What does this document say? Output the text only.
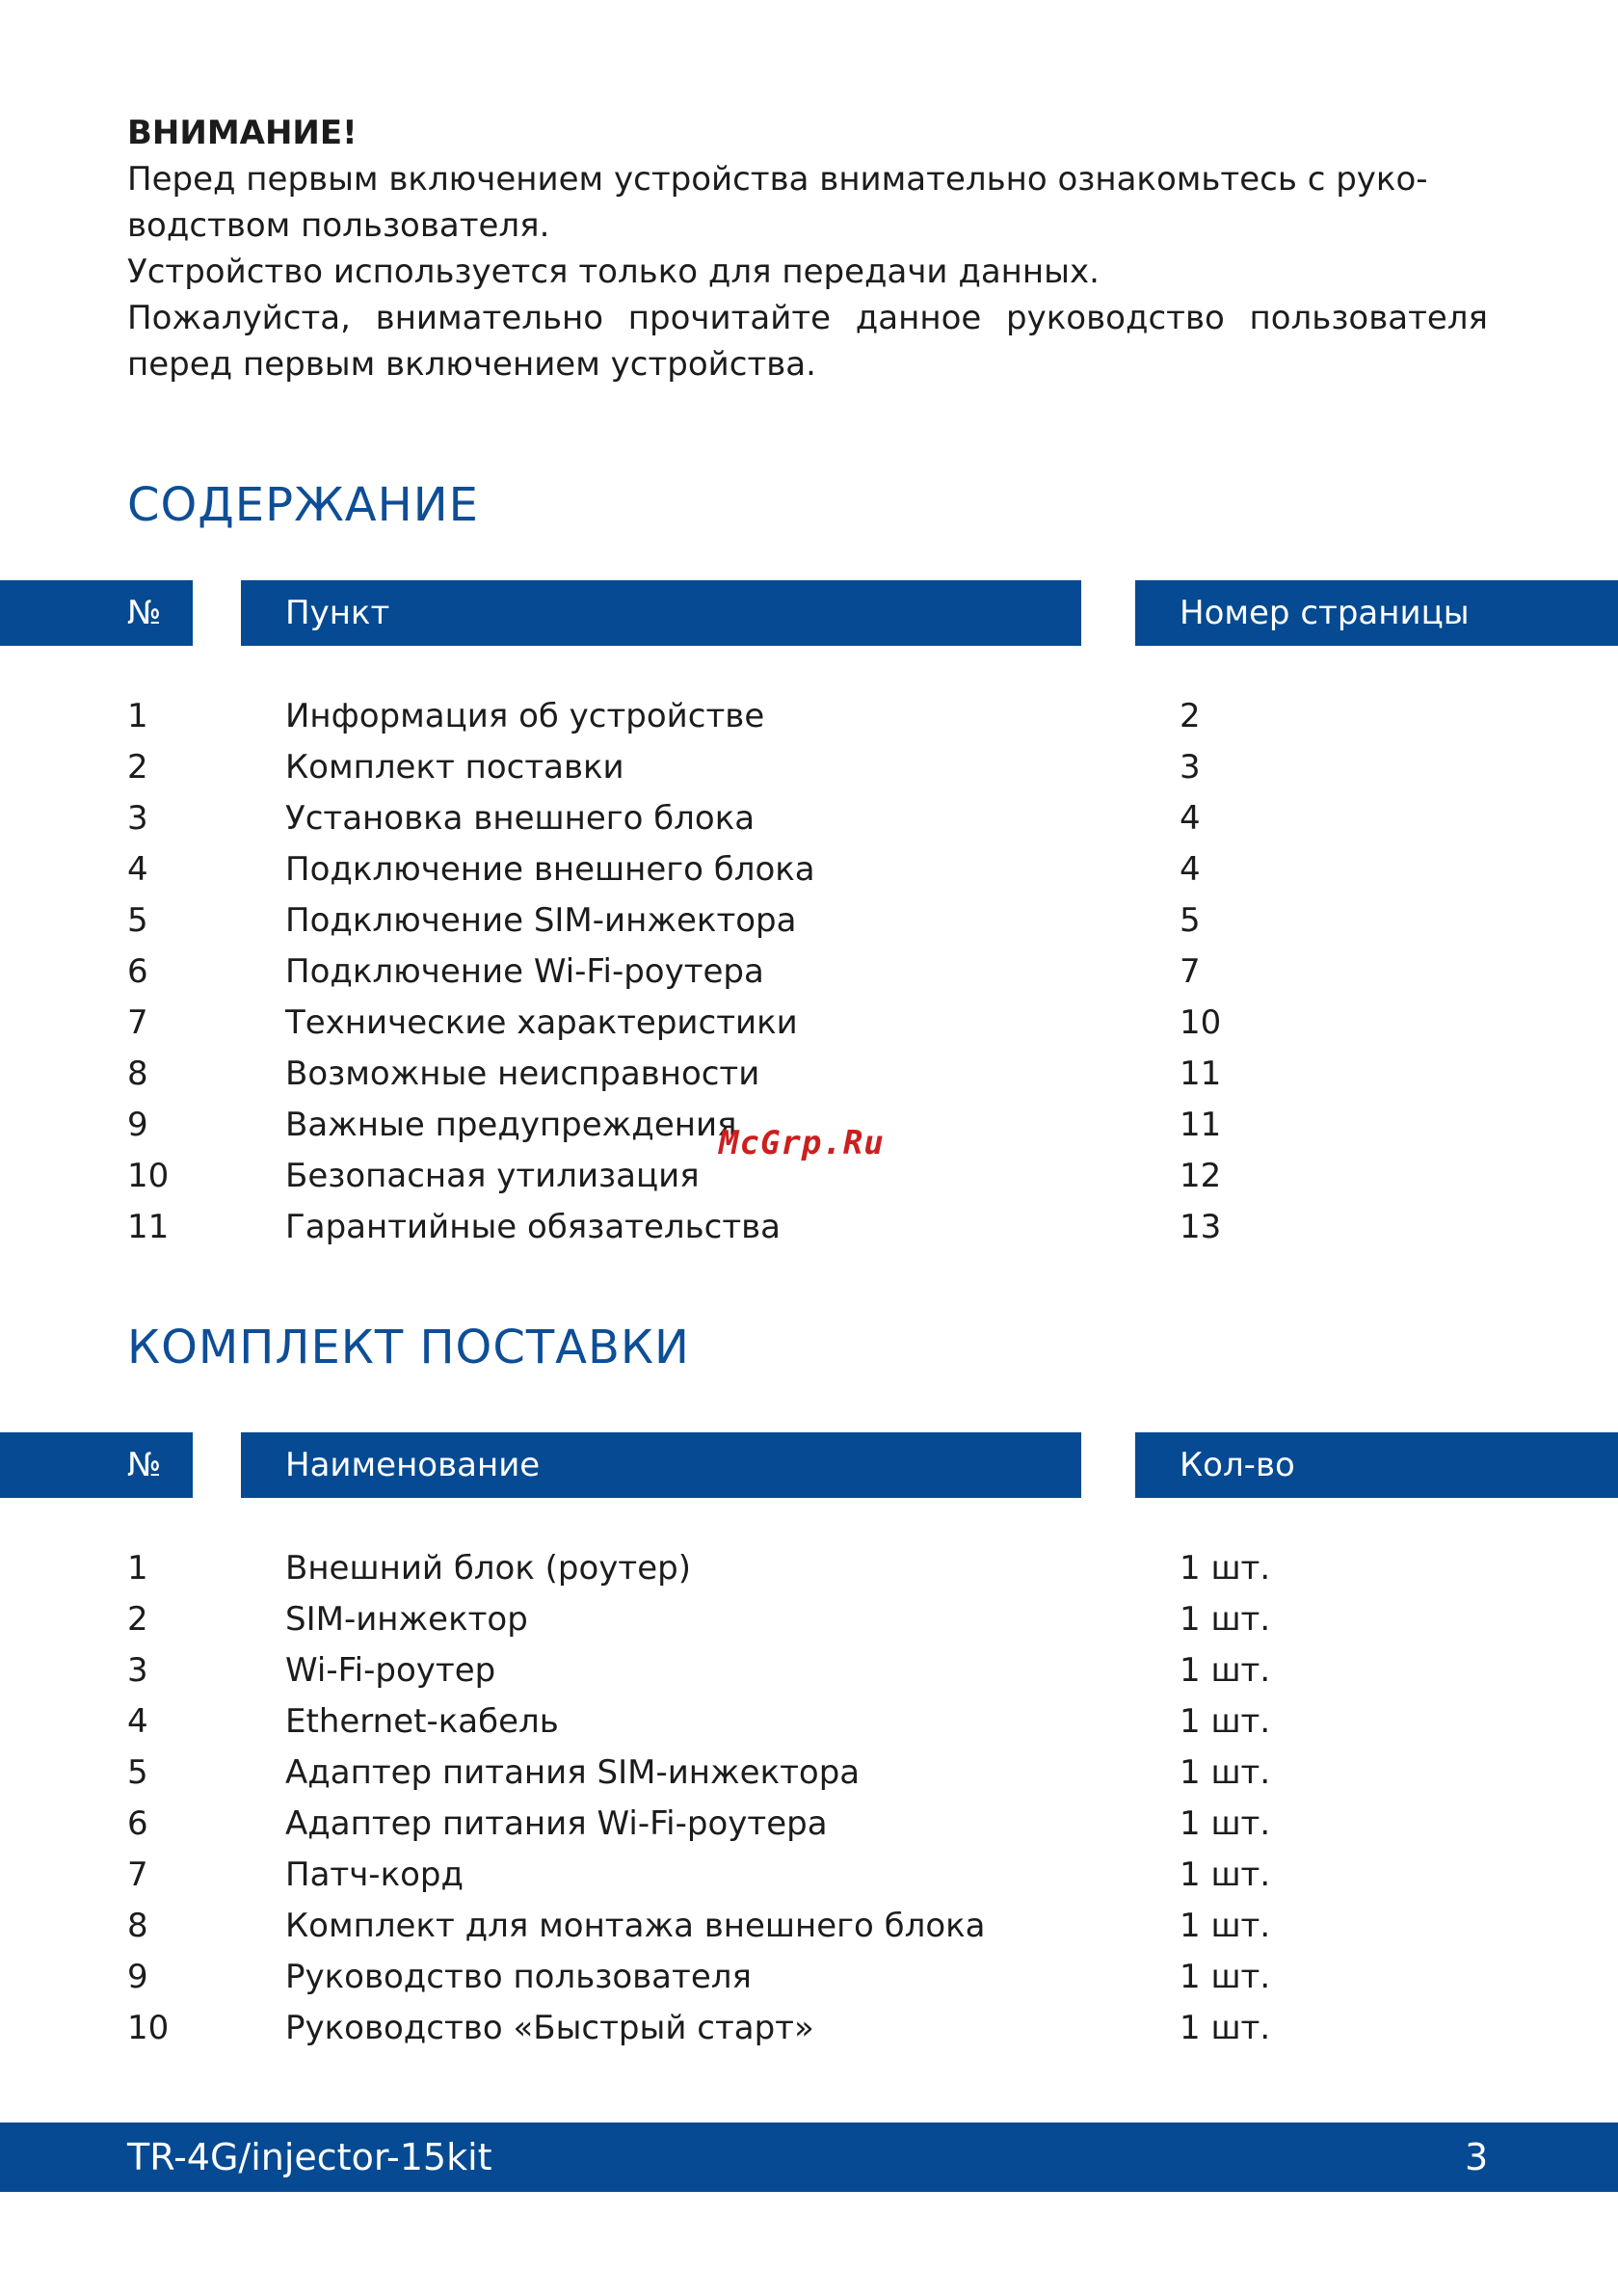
ВНИМАНИЕ!

Перед первым включением устройства внимательно ознакомьтесь с руко-водством пользователя.

Устройство используется только для передачи данных.

Пожалуйста, внимательно прочитайте данное руководство пользователя перед первым включением устройства.

СОДЕРЖАНИЕ
№	Пункт	Номер страницы
1	Информация об устройстве	2
2	Комплект поставки	3
3	Установка внешнего блока	4
4	Подключение внешнего блока	4
5	Подключение SIM-инжектора	5
6	Подключение Wi-Fi-роутера	7
7	Технические характеристики	10
8	Возможные неисправности	11
9	Важные предупреждения	11
10	Безопасная утилизация	12
11	Гарантийные обязательства	13
McGrp.Ru
КОМПЛЕКТ ПОСТАВКИ
№	Наименование	Кол-во
1	Внешний блок (роутер)	1 шт.
2	SIM-инжектор	1 шт.
3	Wi-Fi-роутер	1 шт.
4	Ethernet-кабель	1 шт.
5	Адаптер питания SIM-инжектора	1 шт.
6	Адаптер питания Wi-Fi-роутера	1 шт.
7	Патч-корд	1 шт.
8	Комплект для монтажа внешнего блока	1 шт.
9	Руководство пользователя	1 шт.
10	Руководство «Быстрый старт»	1 шт.
TR-4G/injector-15kit	3
